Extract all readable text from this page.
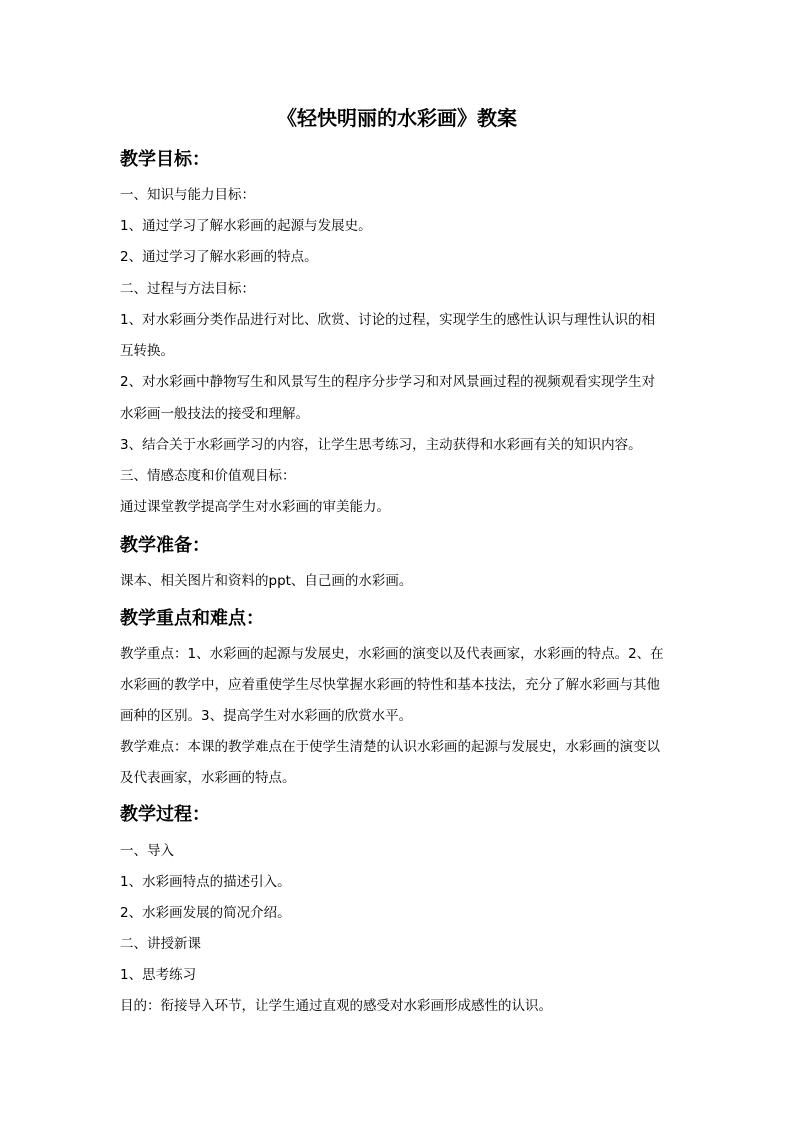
《轻快明丽的水彩画》教案
教学目标：
一、知识与能力目标：
1、通过学习了解水彩画的起源与发展史。
2、通过学习了解水彩画的特点。
二、过程与方法目标：
1、对水彩画分类作品进行对比、欣赏、讨论的过程，实现学生的感性认识与理性认识的相
互转换。
2、对水彩画中静物写生和风景写生的程序分步学习和对风景画过程的视频观看实现学生对
水彩画一般技法的接受和理解。
3、结合关于水彩画学习的内容，让学生思考练习，主动获得和水彩画有关的知识内容。
三、情感态度和价值观目标：
通过课堂教学提高学生对水彩画的审美能力。
教学准备：
课本、相关图片和资料的ppt、自己画的水彩画。
教学重点和难点：
教学重点：1、水彩画的起源与发展史，水彩画的演变以及代表画家，水彩画的特点。2、在
水彩画的教学中，应着重使学生尽快掌握水彩画的特性和基本技法，充分了解水彩画与其他
画种的区别。3、提高学生对水彩画的欣赏水平。
教学难点：本课的教学难点在于使学生清楚的认识水彩画的起源与发展史，水彩画的演变以
及代表画家，水彩画的特点。
教学过程：
一、导入
1、水彩画特点的描述引入。
2、水彩画发展的简况介绍。
二、讲授新课
1、思考练习
目的：衔接导入环节，让学生通过直观的感受对水彩画形成感性的认识。
